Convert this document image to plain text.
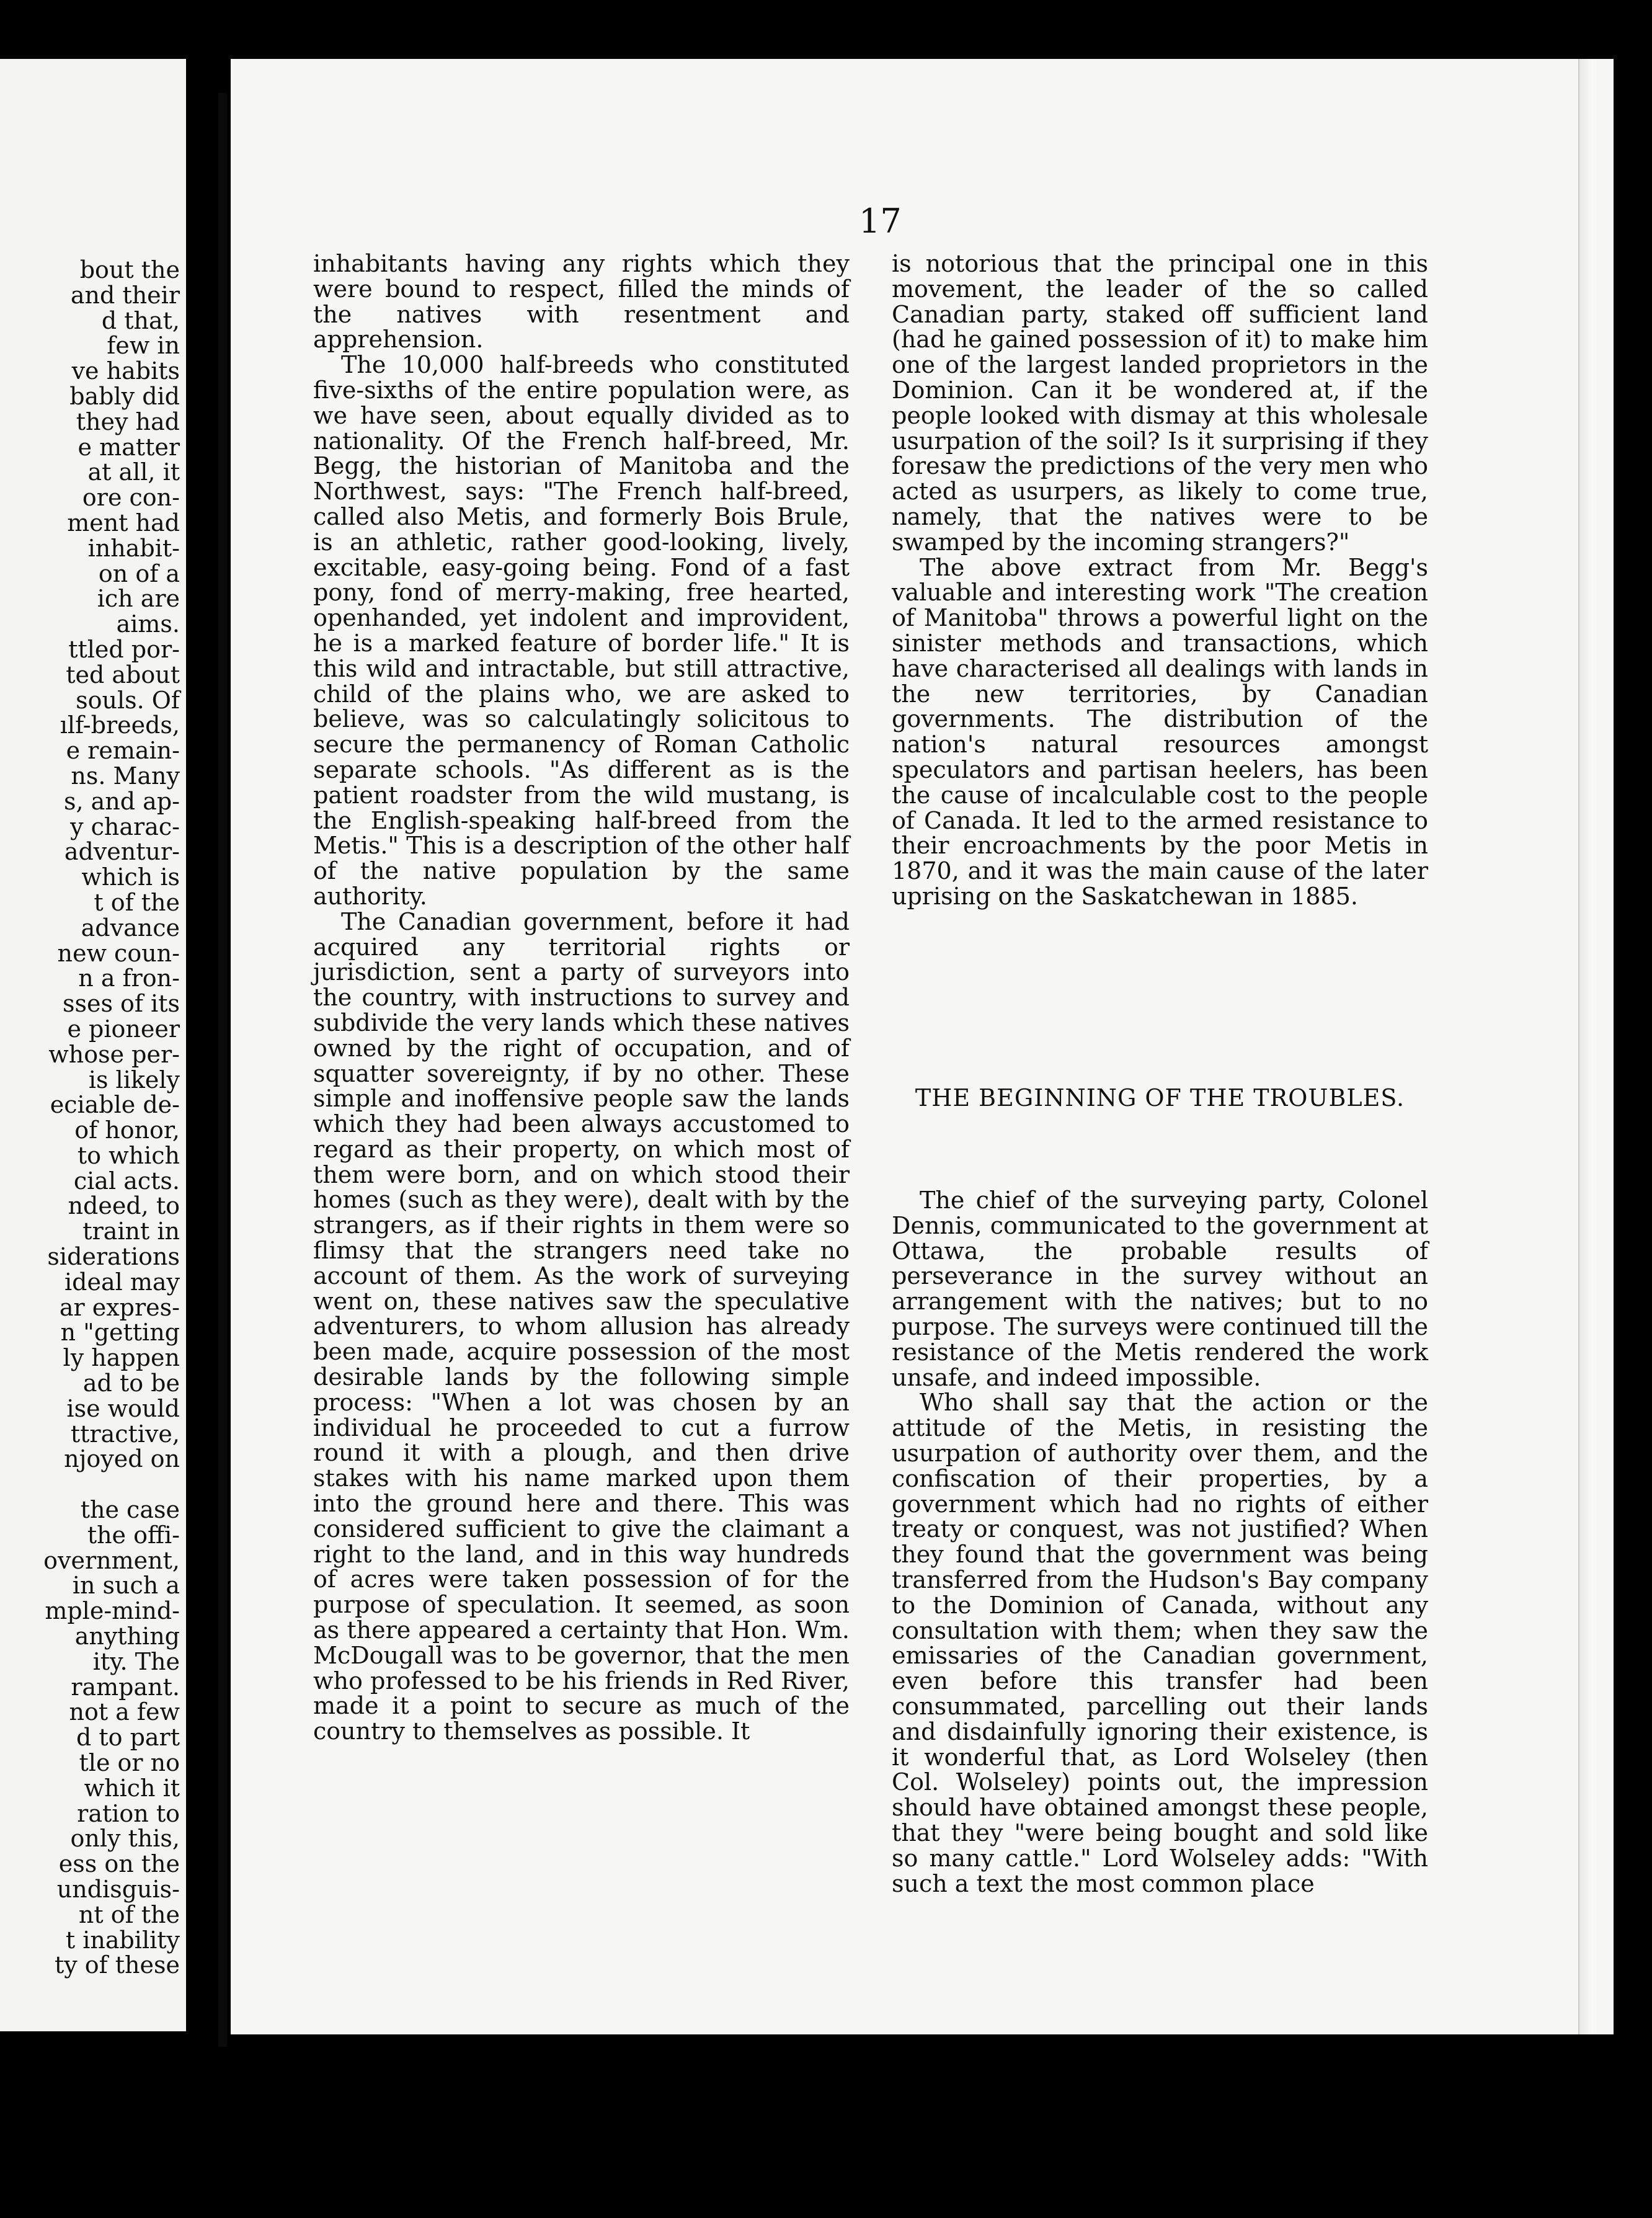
bout the
and their
d that,
few in
ve habits
bably did
they had
e matter
at all, it
ore con-
ment had
inhabit-
on of a
ich are
aims.
ttled por-
ted about
souls. Of
ılf-breeds,
e remain-
ns. Many
s, and ap-
y charac-
adventur-
which is
t of the
advance
new coun-
n a fron-
sses of its
e pioneer
whose per-
is likely
eciable de-
of honor,
to which
cial acts.
ndeed, to
traint in
siderations
ideal may
ar expres-
n "getting
ly happen
ad to be
ise would
ttractive,
njoyed on

the case
the offi-
overnment,
in such a
mple-mind-
anything
ity. The
rampant.
not a few
d to part
tle or no
which it
ration to
only this,
ess on the
undisguis-
nt of the
t inability
ty of these
17

inhabitants having any rights which they were bound to respect, filled the minds of the natives with resentment and apprehension.

The 10,000 half-breeds who constituted five-sixths of the entire population were, as we have seen, about equally divided as to nationality. Of the French half-breed, Mr. Begg, the historian of Manitoba and the Northwest, says: "The French half-breed, called also Metis, and formerly Bois Brule, is an athletic, rather good-looking, lively, excitable, easy-going being. Fond of a fast pony, fond of merry-making, free hearted, openhanded, yet indolent and improvident, he is a marked feature of border life." It is this wild and intractable, but still attractive, child of the plains who, we are asked to believe, was so calculatingly solicitous to secure the permanency of Roman Catholic separate schools. "As different as is the patient roadster from the wild mustang, is the English-speaking half-breed from the Metis." This is a description of the other half of the native population by the same authority.

The Canadian government, before it had acquired any territorial rights or jurisdiction, sent a party of surveyors into the country, with instructions to survey and subdivide the very lands which these natives owned by the right of occupation, and of squatter sovereignty, if by no other. These simple and inoffensive people saw the lands which they had been always accustomed to regard as their property, on which most of them were born, and on which stood their homes (such as they were), dealt with by the strangers, as if their rights in them were so flimsy that the strangers need take no account of them. As the work of surveying went on, these natives saw the speculative adventurers, to whom allusion has already been made, acquire possession of the most desirable lands by the following simple process: "When a lot was chosen by an individual he proceeded to cut a furrow round it with a plough, and then drive stakes with his name marked upon them into the ground here and there. This was considered sufficient to give the claimant a right to the land, and in this way hundreds of acres were taken possession of for the purpose of speculation. It seemed, as soon as there appeared a certainty that Hon. Wm. McDougall was to be governor, that the men who professed to be his friends in Red River, made it a point to secure as much of the country to themselves as possible. It

is notorious that the principal one in this movement, the leader of the so called Canadian party, staked off sufficient land (had he gained possession of it) to make him one of the largest landed proprietors in the Dominion. Can it be wondered at, if the people looked with dismay at this wholesale usurpation of the soil? Is it surprising if they foresaw the predictions of the very men who acted as usurpers, as likely to come true, namely, that the natives were to be swamped by the incoming strangers?"

The above extract from Mr. Begg's valuable and interesting work "The creation of Manitoba" throws a powerful light on the sinister methods and transactions, which have characterised all dealings with lands in the new territories, by Canadian governments. The distribution of the nation's natural resources amongst speculators and partisan heelers, has been the cause of incalculable cost to the people of Canada. It led to the armed resistance to their encroachments by the poor Metis in 1870, and it was the main cause of the later uprising on the Saskatchewan in 1885.

THE BEGINNING OF THE TROUBLES.

The chief of the surveying party, Colonel Dennis, communicated to the government at Ottawa, the probable results of perseverance in the survey without an arrangement with the natives; but to no purpose. The surveys were continued till the resistance of the Metis rendered the work unsafe, and indeed impossible.

Who shall say that the action or the attitude of the Metis, in resisting the usurpation of authority over them, and the confiscation of their properties, by a government which had no rights of either treaty or conquest, was not justified? When they found that the government was being transferred from the Hudson's Bay company to the Dominion of Canada, without any consultation with them; when they saw the emissaries of the Canadian government, even before this transfer had been consummated, parcelling out their lands and disdainfully ignoring their existence, is it wonderful that, as Lord Wolseley (then Col. Wolseley) points out, the impression should have obtained amongst these people, that they "were being bought and sold like so many cattle." Lord Wolseley adds: "With such a text the most common place
